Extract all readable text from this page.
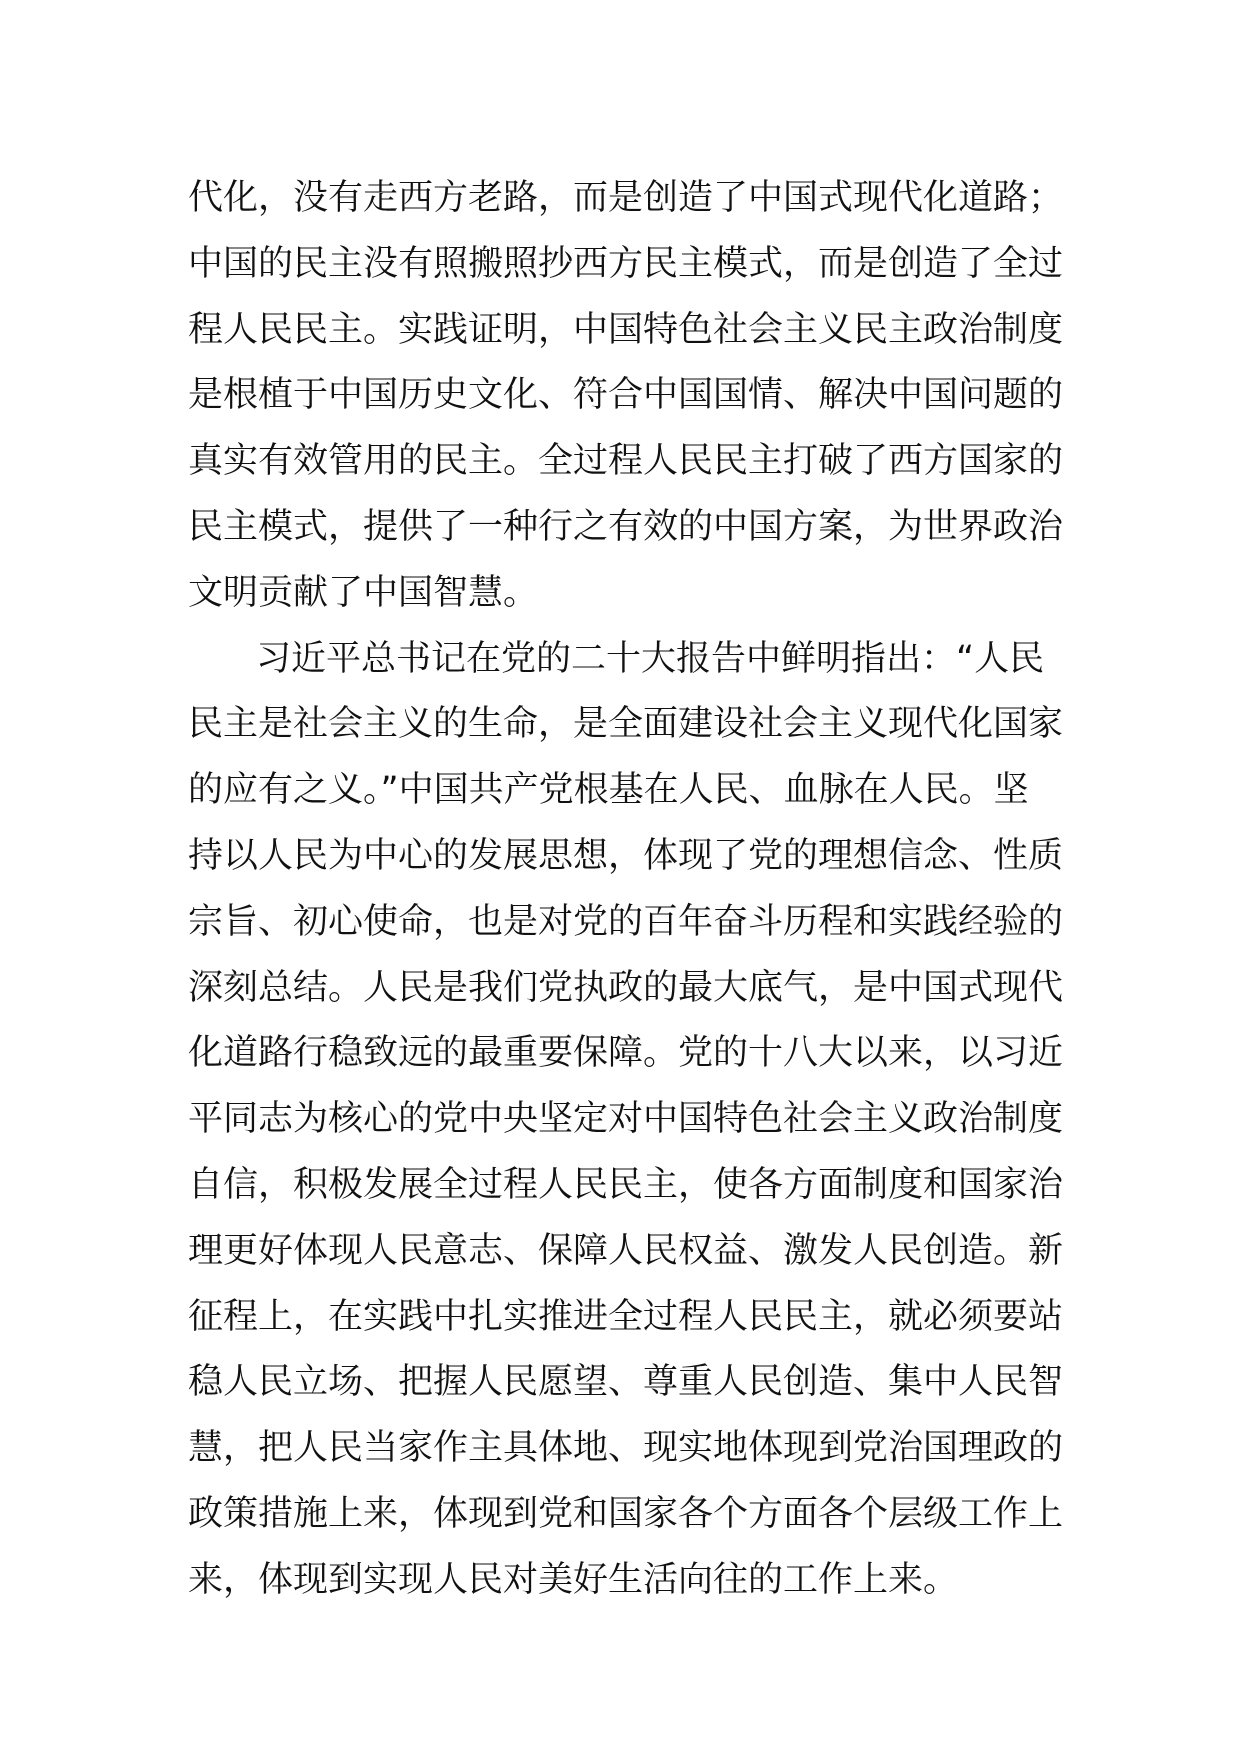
代化，没有走西方老路，而是创造了中国式现代化道路；
中国的民主没有照搬照抄西方民主模式，而是创造了全过
程人民民主。实践证明，中国特色社会主义民主政治制度
是根植于中国历史文化、符合中国国情、解决中国问题的
真实有效管用的民主。全过程人民民主打破了西方国家的
民主模式，提供了一种行之有效的中国方案，为世界政治
文明贡献了中国智慧。
习近平总书记在党的二十大报告中鲜明指出：“人民
民主是社会主义的生命，是全面建设社会主义现代化国家
的应有之义。”中国共产党根基在人民、血脉在人民。坚
持以人民为中心的发展思想，体现了党的理想信念、性质
宗旨、初心使命，也是对党的百年奋斗历程和实践经验的
深刻总结。人民是我们党执政的最大底气，是中国式现代
化道路行稳致远的最重要保障。党的十八大以来，以习近
平同志为核心的党中央坚定对中国特色社会主义政治制度
自信，积极发展全过程人民民主，使各方面制度和国家治
理更好体现人民意志、保障人民权益、激发人民创造。新
征程上，在实践中扎实推进全过程人民民主，就必须要站
稳人民立场、把握人民愿望、尊重人民创造、集中人民智
慧，把人民当家作主具体地、现实地体现到党治国理政的
政策措施上来，体现到党和国家各个方面各个层级工作上
来，体现到实现人民对美好生活向往的工作上来。
